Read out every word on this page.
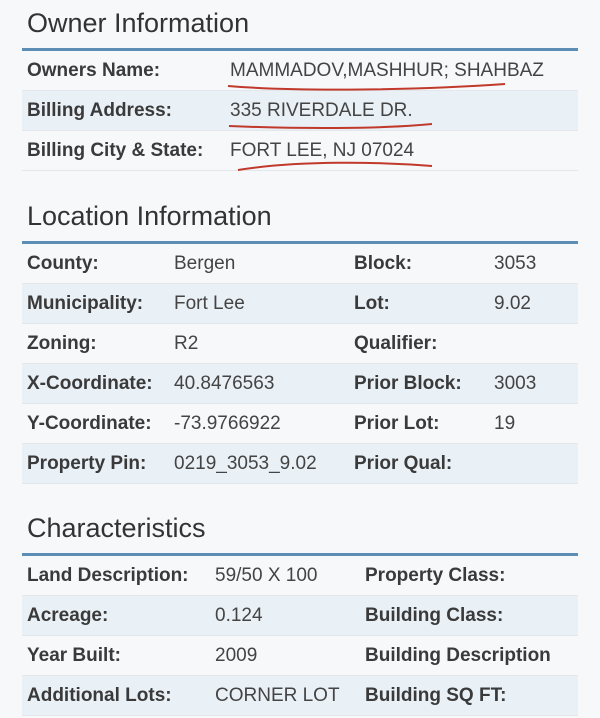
Owner Information
Owners Name:	MAMMADOV,MASHHUR; SHAHBAZ
Billing Address:	335 RIVERDALE DR.
Billing City & State: FORT LEE, NJ 07024
Location Information
County:	Bergen	Block:	3053
Municipality: Fort Lee	Lot:	9.02
Zoning:	R2	Qualifier:
X-Coordinate: 40.8476563	Prior Block: 3003
Y-Coordinate: -73.9766922	Prior Lot:	19
Property Pin: 0219_3053_9.02 Prior Qual:
Characteristics
Land Description: 59/50 X 100	Property Class:
Acreage:	0.124	Building Class:
Year Built:	2009	Building Description
Additional Lots: CORNER LOT Building SQ FT:
